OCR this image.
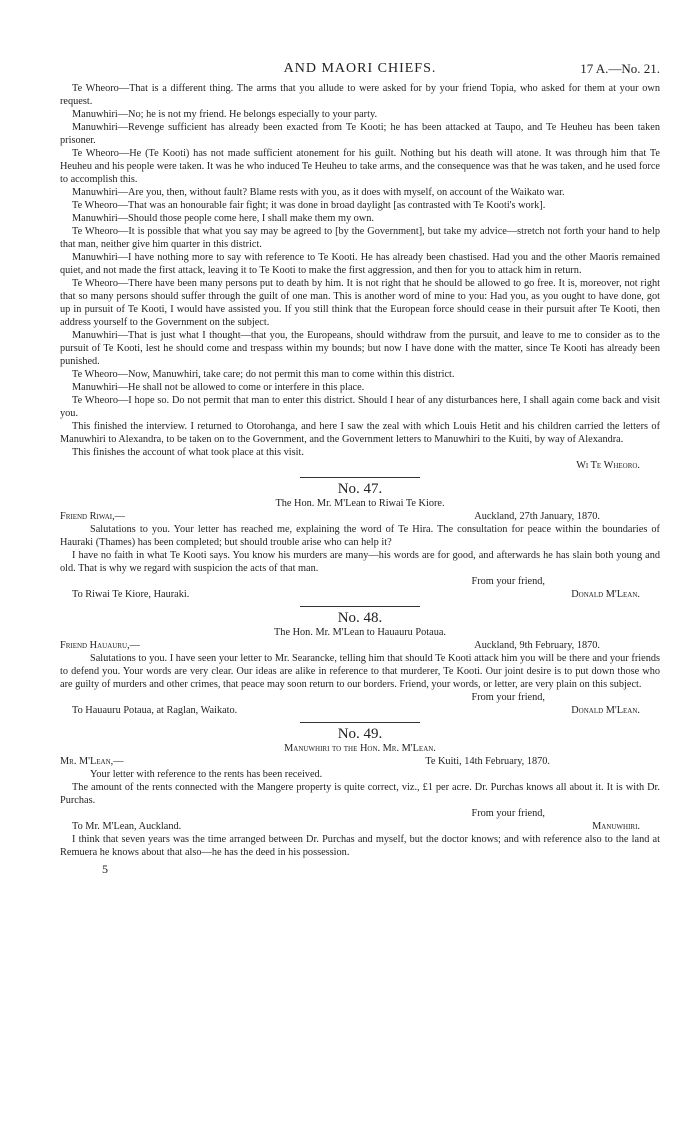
AND MAORI CHIEFS.	17 A.—No. 21.

Te Wheoro—That is a different thing. The arms that you allude to were asked for by your friend Topia, who asked for them at your own request.

Manuwhiri—No; he is not my friend. He belongs especially to your party.

Manuwhiri—Revenge sufficient has already been exacted from Te Kooti; he has been attacked at Taupo, and Te Heuheu has been taken prisoner.

Te Wheoro—He (Te Kooti) has not made sufficient atonement for his guilt. Nothing but his death will atone. It was through him that Te Heuheu and his people were taken. It was he who induced Te Heuheu to take arms, and the consequence was that he was taken, and he used force to accomplish this.

Manuwhiri—Are you, then, without fault? Blame rests with you, as it does with myself, on account of the Waikato war.

Te Wheoro—That was an honourable fair fight; it was done in broad daylight [as contrasted with Te Kooti's work].

Manuwhiri—Should those people come here, I shall make them my own.

Te Wheoro—It is possible that what you say may be agreed to [by the Government], but take my advice—stretch not forth your hand to help that man, neither give him quarter in this district.

Manuwhiri—I have nothing more to say with reference to Te Kooti. He has already been chastised. Had you and the other Maoris remained quiet, and not made the first attack, leaving it to Te Kooti to make the first aggression, and then for you to attack him in return.

Te Wheoro—There have been many persons put to death by him. It is not right that he should be allowed to go free. It is, moreover, not right that so many persons should suffer through the guilt of one man. This is another word of mine to you: Had you, as you ought to have done, got up in pursuit of Te Kooti, I would have assisted you. If you still think that the European force should cease in their pursuit after Te Kooti, then address yourself to the Government on the subject.

Manuwhiri—That is just what I thought—that you, the Europeans, should withdraw from the pursuit, and leave to me to consider as to the pursuit of Te Kooti, lest he should come and trespass within my bounds; but now I have done with the matter, since Te Kooti has already been punished.

Te Wheoro—Now, Manuwhiri, take care; do not permit this man to come within this district.

Manuwhiri—He shall not be allowed to come or interfere in this place.

Te Wheoro—I hope so. Do not permit that man to enter this district. Should I hear of any disturbances here, I shall again come back and visit you.

This finished the interview. I returned to Otorohanga, and here I saw the zeal with which Louis Hetit and his children carried the letters of Manuwhiri to Alexandra, to be taken on to the Government, and the Government letters to Manuwhiri to the Kuiti, by way of Alexandra.

This finishes the account of what took place at this visit.

Wi Te Wheoro.

No. 47.

The Hon. Mr. M'Lean to Riwai Te Kiore.

Friend Riwai,—	Auckland, 27th January, 1870.

Salutations to you. Your letter has reached me, explaining the word of Te Hira. The consultation for peace within the boundaries of Hauraki (Thames) has been completed; but should trouble arise who can help it?

I have no faith in what Te Kooti says. You know his murders are many—his words are for good, and afterwards he has slain both young and old. That is why we regard with suspicion the acts of that man.

From your friend,

To Riwai Te Kiore, Hauraki.	Donald M'Lean.
No. 48.

The Hon. Mr. M'Lean to Hauauru Potaua.

Friend Hauauru,—	Auckland, 9th February, 1870.

Salutations to you. I have seen your letter to Mr. Searancke, telling him that should Te Kooti attack him you will be there and your friends to defend you. Your words are very clear. Our ideas are alike in reference to that murderer, Te Kooti. Our joint desire is to put down those who are guilty of murders and other crimes, that peace may soon return to our borders. Friend, your words, or letter, are very plain on this subject.

From your friend,

To Hauauru Potaua, at Raglan, Waikato.	Donald M'Lean.
No. 49.

Manuwhiri to the Hon. Mr. M'Lean.

Mr. M'Lean,—	Te Kuiti, 14th February, 1870.

Your letter with reference to the rents has been received.

The amount of the rents connected with the Mangere property is quite correct, viz., £1 per acre. Dr. Purchas knows all about it. It is with Dr. Purchas.

From your friend,

To Mr. M'Lean, Auckland.	Manuwhiri.

I think that seven years was the time arranged between Dr. Purchas and myself, but the doctor knows; and with reference also to the land at Remuera he knows about that also—he has the deed in his possession.

5
